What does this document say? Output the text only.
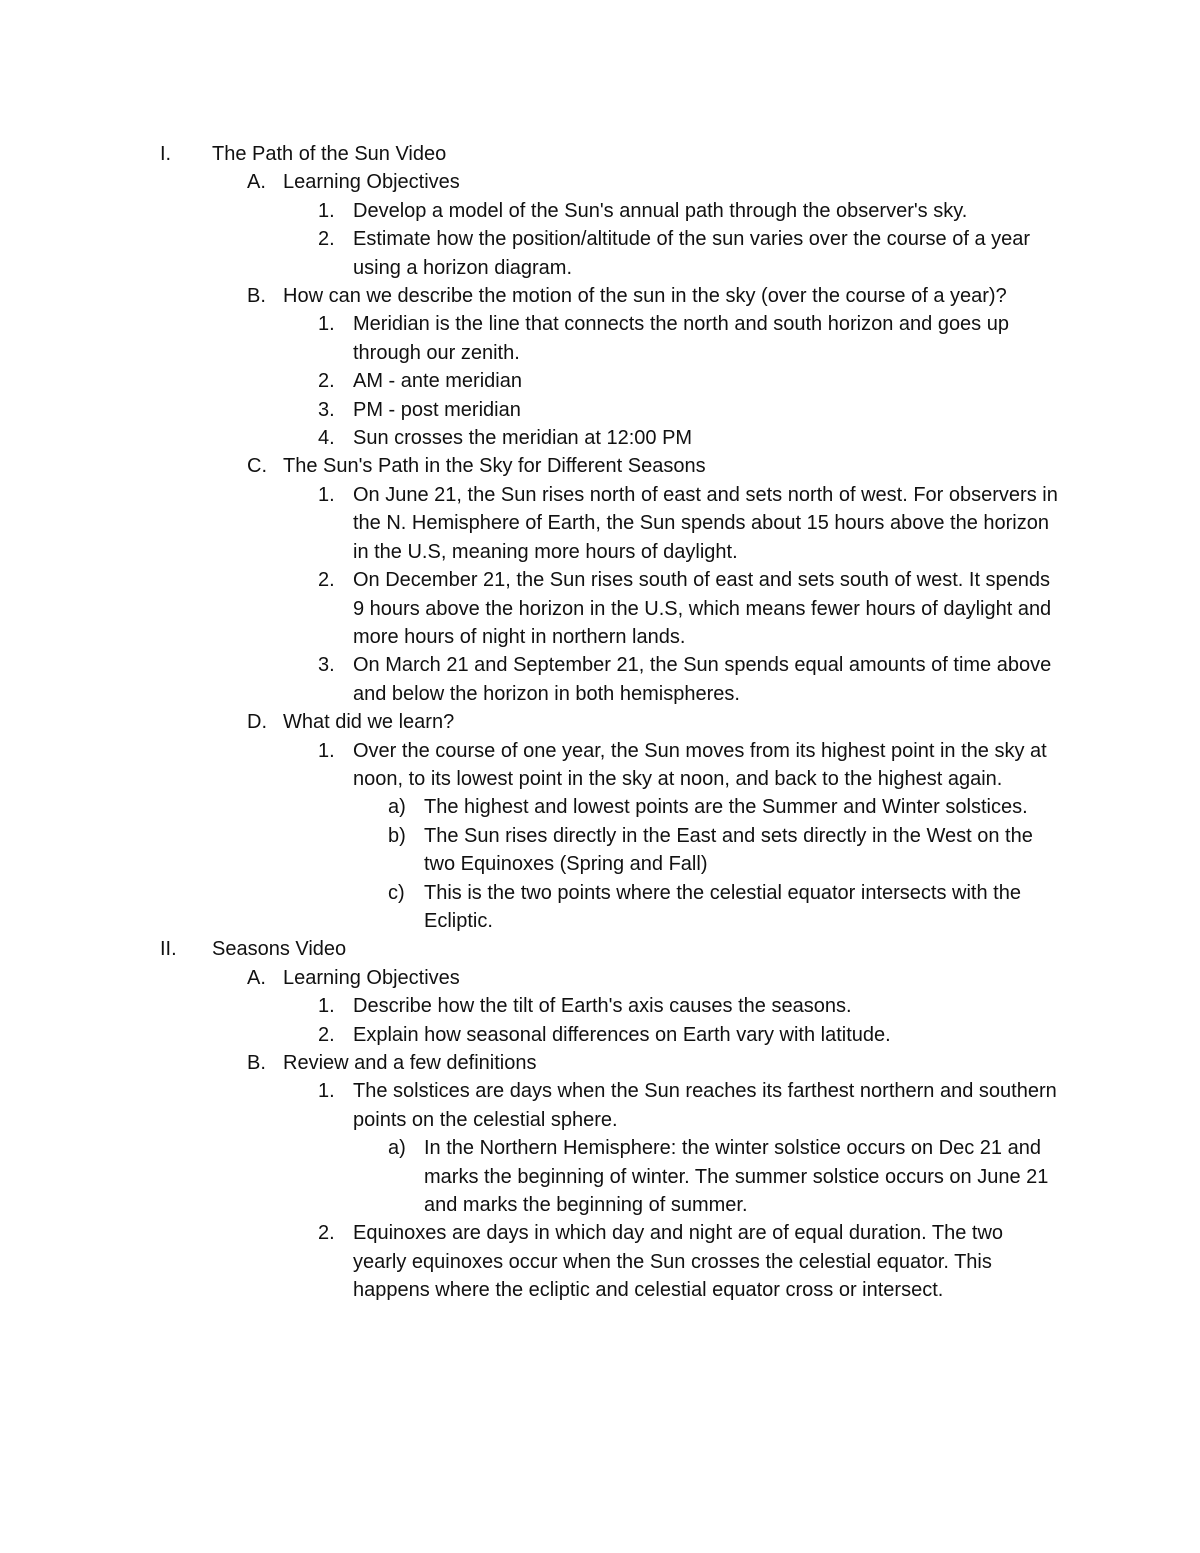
I. The Path of the Sun Video
A. Learning Objectives
1. Develop a model of the Sun's annual path through the observer's sky.
2. Estimate how the position/altitude of the sun varies over the course of a year using a horizon diagram.
B. How can we describe the motion of the sun in the sky (over the course of a year)?
1. Meridian is the line that connects the north and south horizon and goes up through our zenith.
2. AM - ante meridian
3. PM - post meridian
4. Sun crosses the meridian at 12:00 PM
C. The Sun's Path in the Sky for Different Seasons
1. On June 21, the Sun rises north of east and sets north of west. For observers in the N. Hemisphere of Earth, the Sun spends about 15 hours above the horizon in the U.S, meaning more hours of daylight.
2. On December 21, the Sun rises south of east and sets south of west. It spends 9 hours above the horizon in the U.S, which means fewer hours of daylight and more hours of night in northern lands.
3. On March 21 and September 21, the Sun spends equal amounts of time above and below the horizon in both hemispheres.
D. What did we learn?
1. Over the course of one year, the Sun moves from its highest point in the sky at noon, to its lowest point in the sky at noon, and back to the highest again.
a) The highest and lowest points are the Summer and Winter solstices.
b) The Sun rises directly in the East and sets directly in the West on the two Equinoxes (Spring and Fall)
c) This is the two points where the celestial equator intersects with the Ecliptic.
II. Seasons Video
A. Learning Objectives
1. Describe how the tilt of Earth's axis causes the seasons.
2. Explain how seasonal differences on Earth vary with latitude.
B. Review and a few definitions
1. The solstices are days when the Sun reaches its farthest northern and southern points on the celestial sphere.
a) In the Northern Hemisphere: the winter solstice occurs on Dec 21 and marks the beginning of winter. The summer solstice occurs on June 21 and marks the beginning of summer.
2. Equinoxes are days in which day and night are of equal duration. The two yearly equinoxes occur when the Sun crosses the celestial equator. This happens where the ecliptic and celestial equator cross or intersect.
